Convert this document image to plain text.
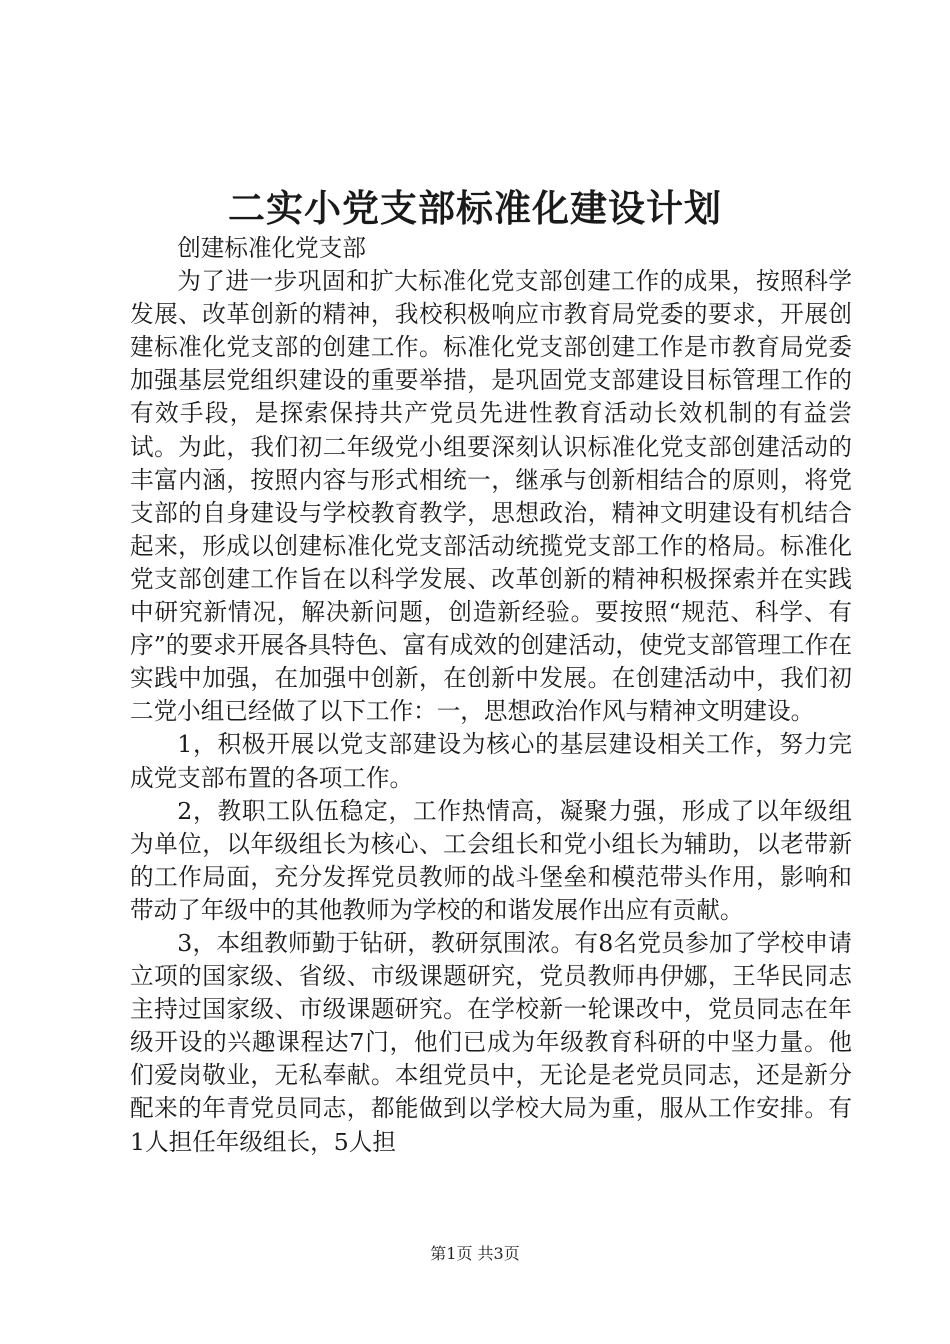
二实小党支部标准化建设计划

创建标准化党支部

为了进一步巩固和扩大标准化党支部创建工作的成果，按照科学发展、改革创新的精神，我校积极响应市教育局党委的要求，开展创建标准化党支部的创建工作。标准化党支部创建工作是市教育局党委加强基层党组织建设的重要举措，是巩固党支部建设目标管理工作的有效手段，是探索保持共产党员先进性教育活动长效机制的有益尝试。为此，我们初二年级党小组要深刻认识标准化党支部创建活动的丰富内涵，按照内容与形式相统一，继承与创新相结合的原则，将党支部的自身建设与学校教育教学，思想政治，精神文明建设有机结合起来，形成以创建标准化党支部活动统揽党支部工作的格局。标准化党支部创建工作旨在以科学发展、改革创新的精神积极探索并在实践中研究新情况，解决新问题，创造新经验。要按照“规范、科学、有序”的要求开展各具特色、富有成效的创建活动，使党支部管理工作在实践中加强，在加强中创新，在创新中发展。在创建活动中，我们初二党小组已经做了以下工作：一，思想政治作风与精神文明建设。

1，积极开展以党支部建设为核心的基层建设相关工作，努力完成党支部布置的各项工作。

2，教职工队伍稳定，工作热情高，凝聚力强，形成了以年级组为单位，以年级组长为核心、工会组长和党小组长为辅助，以老带新的工作局面，充分发挥党员教师的战斗堡垒和模范带头作用，影响和带动了年级中的其他教师为学校的和谐发展作出应有贡献。

3，本组教师勤于钻研，教研氛围浓。有8名党员参加了学校申请立项的国家级、省级、市级课题研究，党员教师冉伊娜，王华民同志主持过国家级、市级课题研究。在学校新一轮课改中，党员同志在年级开设的兴趣课程达7门，他们已成为年级教育科研的中坚力量。他们爱岗敬业，无私奉献。本组党员中，无论是老党员同志，还是新分配来的年青党员同志，都能做到以学校大局为重，服从工作安排。有1人担任年级组长，5人担

第1页 共3页
